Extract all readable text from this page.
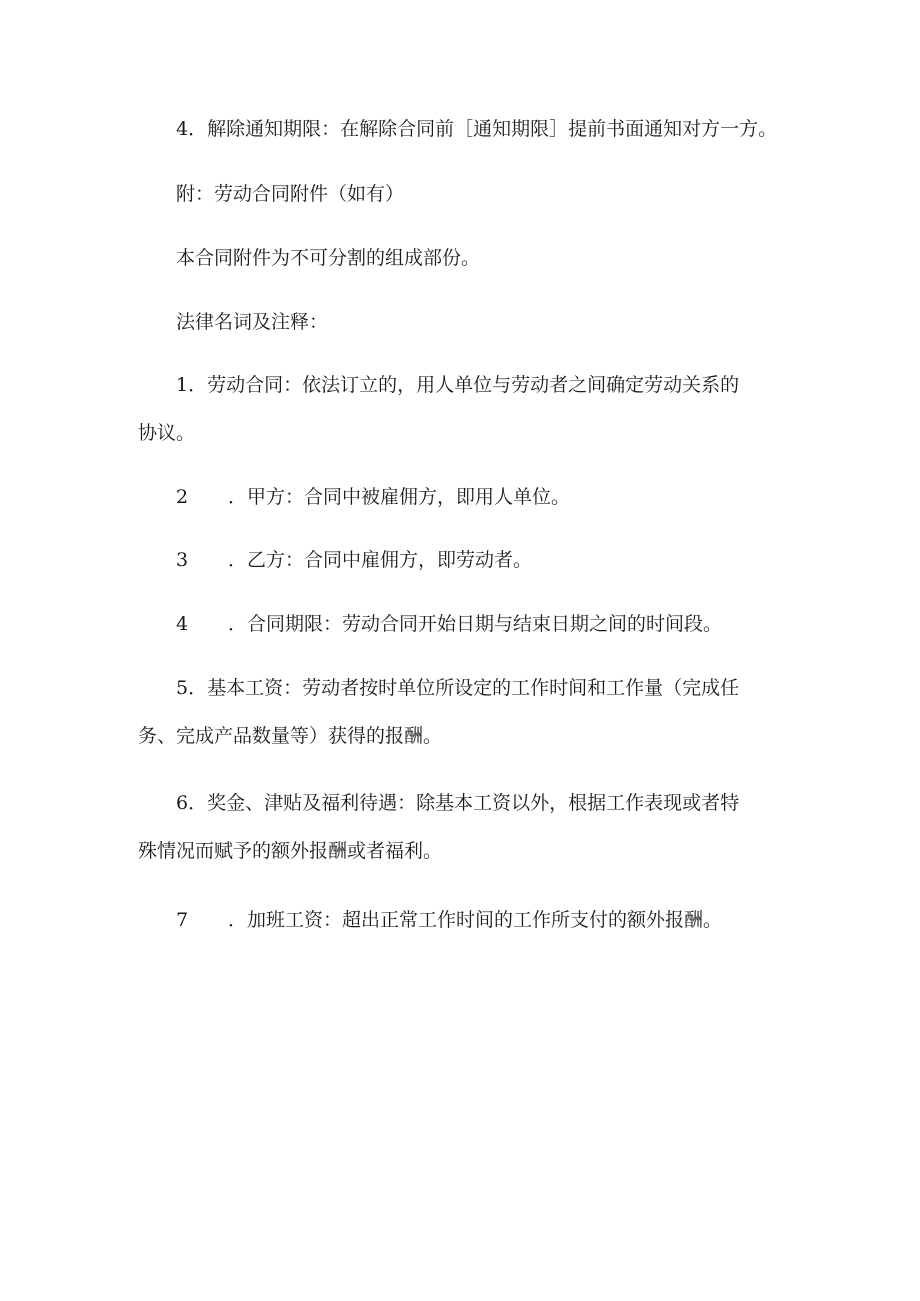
4．解除通知期限：在解除合同前［通知期限］提前书面通知对方一方。
附：劳动合同附件（如有）
本合同附件为不可分割的组成部份。
法律名词及注释：
1．劳动合同：依法订立的，用人单位与劳动者之间确定劳动关系的
协议。
2 ．甲方：合同中被雇佣方，即用人单位。
3 ．乙方：合同中雇佣方，即劳动者。
4 ．合同期限：劳动合同开始日期与结束日期之间的时间段。
5．基本工资：劳动者按时单位所设定的工作时间和工作量（完成任
务、完成产品数量等）获得的报酬。
6．奖金、津贴及福利待遇：除基本工资以外，根据工作表现或者特
殊情况而赋予的额外报酬或者福利。
7 ．加班工资：超出正常工作时间的工作所支付的额外报酬。
